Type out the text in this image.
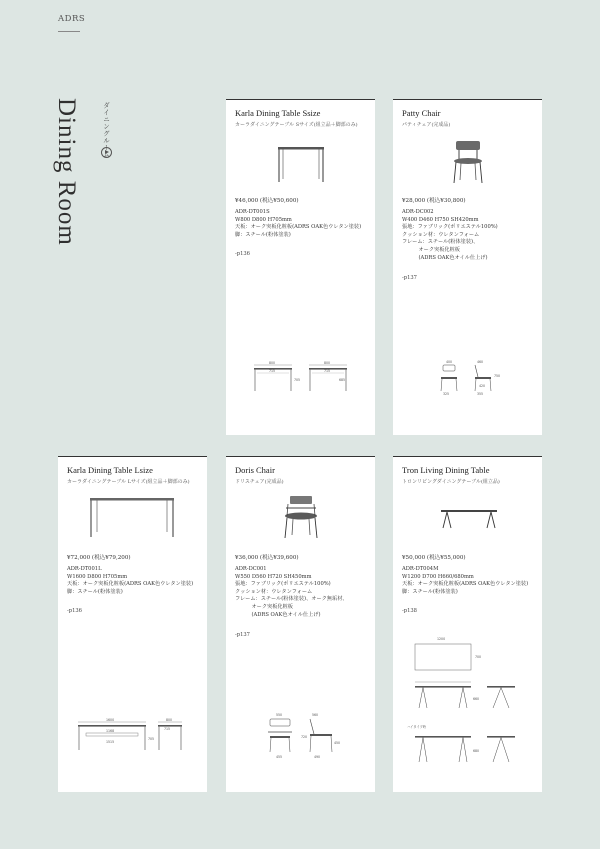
ADRS
Dining Room	ダイニングルーム	Karla Dining Table Ssize
カーラダイニングテーブル Sサイズ(組立品＋脚部のみ)
¥46,000 (税込¥50,600)
ADR-DT001S
W800 D800 H705mm
天板：オーク突板化粧板(ADRS OAK色ウレタン塗装)
脚：スチール(粉体塗装)
-p136
800
715
800
715
705	685
Patty Chair
パティチェア(完成品)
¥28,000 (税込¥30,800)
ADR-DC002
W400 D460 H750 SH420mm
張地：ファブリック(ポリエステル100%)
クッション材：ウレタンフォーム
フレーム：スチール(粉体塗装)、
オーク突板化粧板
(ADRS OAK色オイル仕上げ)
-p137
400
325
460
750
420
355
Karla Dining Table Lsize
カーラダイニングテーブル Lサイズ(組立品＋脚部のみ)
¥72,000 (税込¥79,200)
ADR-DT001L
W1600 D800 H705mm
天板：オーク突板化粧板(ADRS OAK色ウレタン塗装)
脚：スチール(粉体塗装)
-p136
1600
1168
1515
800
715
705
Doris Chair
ドリスチェア(完成品)
¥36,000 (税込¥39,600)
ADR-DC001
W550 D560 H720 SH450mm
張地：ファブリック(ポリエステル100%)
クッション材：ウレタンフォーム
フレーム：スチール(粉体塗装)、オーク無垢材、
オーク突板化粧板
(ADRS OAK色オイル仕上げ)
-p137
550
455
560
720
450
490
Tron Living Dining Table
トロンリビングダイニングテーブル(組立品)
¥50,000 (税込¥55,000)
ADR-DT004M
W1200 D700 H660/680mm
天板：オーク突板化粧板(ADRS OAK色ウレタン塗装)
脚：スチール(粉体塗装)
-p138
1200
700
660
ハイタイプ時
680
